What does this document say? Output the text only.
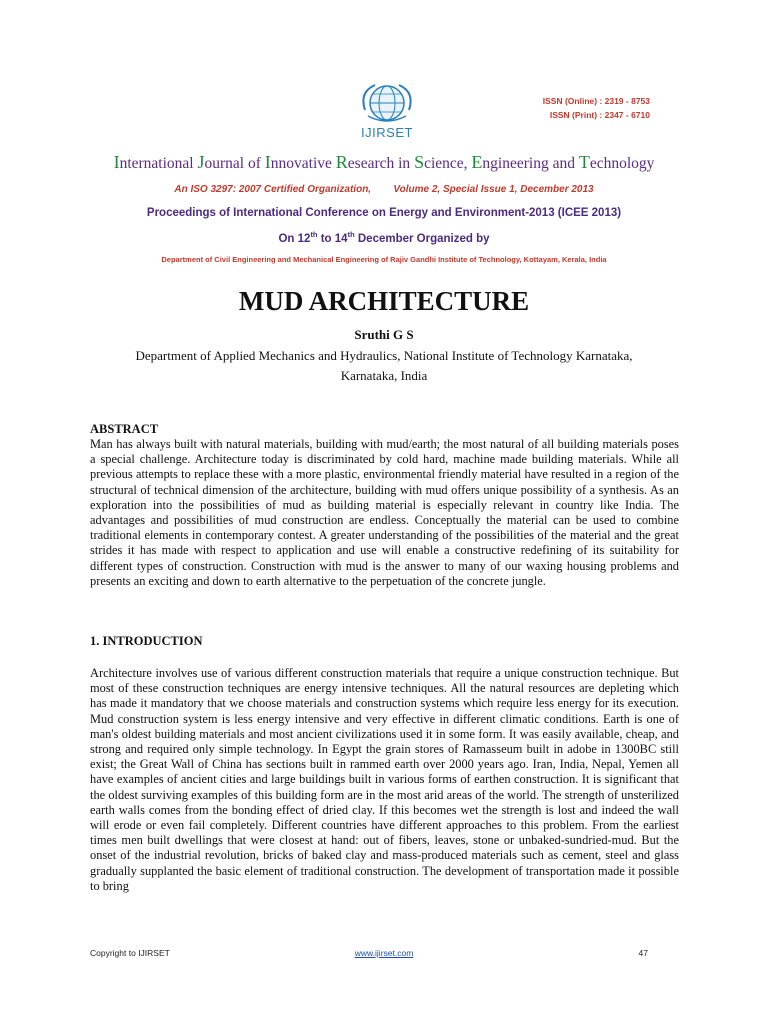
IJIRSET
ISSN (Online) : 2319 - 8753
ISSN (Print) : 2347 - 6710
International Journal of Innovative Research in Science, Engineering and Technology
An ISO 3297: 2007 Certified Organization, Volume 2, Special Issue 1, December 2013
Proceedings of International Conference on Energy and Environment-2013 (ICEE 2013)
On 12th to 14th December Organized by
Department of Civil Engineering and Mechanical Engineering of Rajiv Gandhi Institute of Technology, Kottayam, Kerala, India
MUD ARCHITECTURE
Sruthi G S
Department of Applied Mechanics and Hydraulics, National Institute of Technology Karnataka,
Karnataka, India
ABSTRACT

Man has always built with natural materials, building with mud/earth; the most natural of all building materials poses a special challenge. Architecture today is discriminated by cold hard, machine made building materials. While all previous attempts to replace these with a more plastic, environmental friendly material have resulted in a region of the structural of technical dimension of the architecture, building with mud offers unique possibility of a synthesis. As an exploration into the possibilities of mud as building material is especially relevant in country like India. The advantages and possibilities of mud construction are endless. Conceptually the material can be used to combine traditional elements in contemporary contest. A greater understanding of the possibilities of the material and the great strides it has made with respect to application and use will enable a constructive redefining of its suitability for different types of construction. Construction with mud is the answer to many of our waxing housing problems and presents an exciting and down to earth alternative to the perpetuation of the concrete jungle.

1. INTRODUCTION

Architecture involves use of various different construction materials that require a unique construction technique. But most of these construction techniques are energy intensive techniques. All the natural resources are depleting which has made it mandatory that we choose materials and construction systems which require less energy for its execution. Mud construction system is less energy intensive and very effective in different climatic conditions. Earth is one of man's oldest building materials and most ancient civilizations used it in some form. It was easily available, cheap, and strong and required only simple technology. In Egypt the grain stores of Ramasseum built in adobe in 1300BC still exist; the Great Wall of China has sections built in rammed earth over 2000 years ago. Iran, India, Nepal, Yemen all have examples of ancient cities and large buildings built in various forms of earthen construction. It is significant that the oldest surviving examples of this building form are in the most arid areas of the world. The strength of unsterilized earth walls comes from the bonding effect of dried clay. If this becomes wet the strength is lost and indeed the wall will erode or even fail completely. Different countries have different approaches to this problem. From the earliest times men built dwellings that were closest at hand: out of fibers, leaves, stone or unbaked-sundried-mud. But the onset of the industrial revolution, bricks of baked clay and mass-produced materials such as cement, steel and glass gradually supplanted the basic element of traditional construction. The development of transportation made it possible to bring

Copyright to IJIRSET	www.ijirset.com	47
